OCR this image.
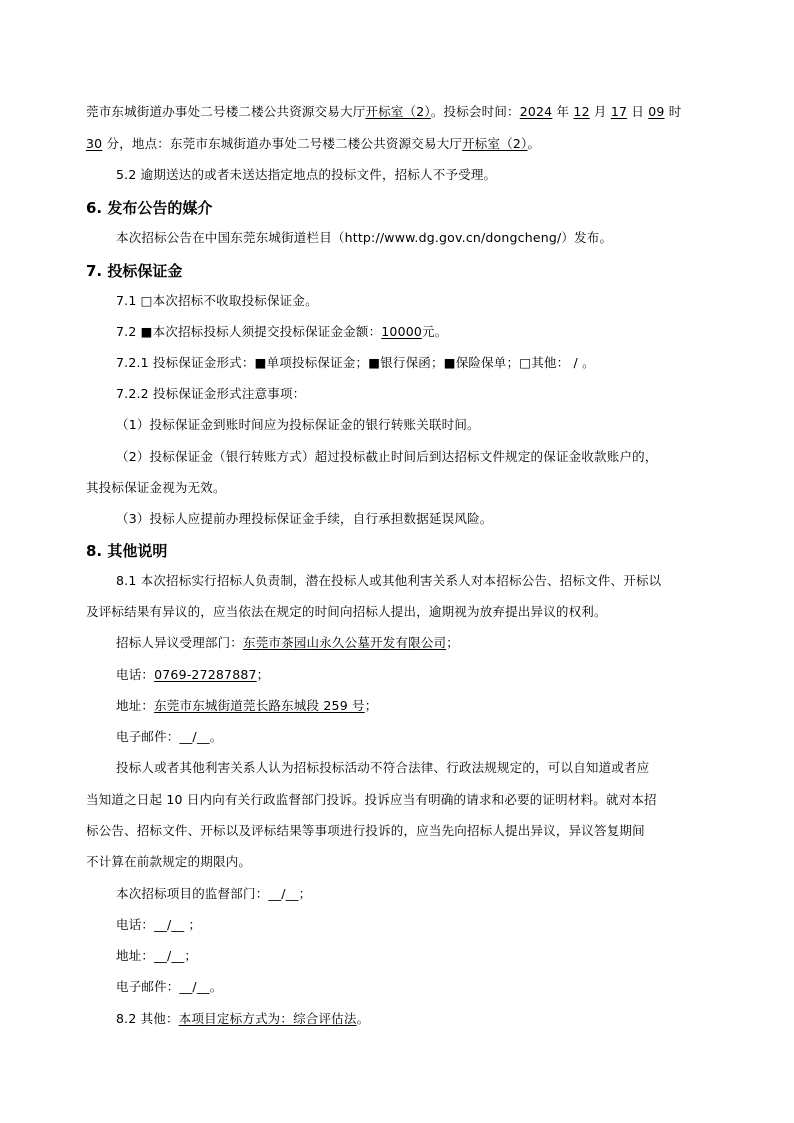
莞市东城街道办事处二号楼二楼公共资源交易大厅开标室（2）。投标会时间：2024 年 12 月 17 日 09 时
30 分，地点：东莞市东城街道办事处二号楼二楼公共资源交易大厅开标室（2）。
5.2 逾期送达的或者未送达指定地点的投标文件，招标人不予受理。
6. 发布公告的媒介
本次招标公告在中国东莞东城街道栏目（http://www.dg.gov.cn/dongcheng/）发布。
7. 投标保证金
7.1 □本次招标不收取投标保证金。
7.2 ■本次招标投标人须提交投标保证金金额：10000元。
7.2.1 投标保证金形式：■单项投标保证金；■银行保函；■保险保单；□其他： / 。
7.2.2 投标保证金形式注意事项：
（1）投标保证金到账时间应为投标保证金的银行转账关联时间。
（2）投标保证金（银行转账方式）超过投标截止时间后到达招标文件规定的保证金收款账户的，
其投标保证金视为无效。
（3）投标人应提前办理投标保证金手续，自行承担数据延误风险。
8. 其他说明
8.1 本次招标实行招标人负责制，潜在投标人或其他利害关系人对本招标公告、招标文件、开标以
及评标结果有异议的，应当依法在规定的时间向招标人提出，逾期视为放弃提出异议的权利。
招标人异议受理部门：东莞市茶园山永久公墓开发有限公司；
电话：0769-27287887；
地址：东莞市东城街道莞长路东城段 259 号；
电子邮件：__/__。
投标人或者其他利害关系人认为招标投标活动不符合法律、行政法规规定的，可以自知道或者应
当知道之日起 10 日内向有关行政监督部门投诉。投诉应当有明确的请求和必要的证明材料。就对本招
标公告、招标文件、开标以及评标结果等事项进行投诉的，应当先向招标人提出异议，异议答复期间
不计算在前款规定的期限内。
本次招标项目的监督部门：__/__；
电话：__/__ ；
地址：__/__；
电子邮件：__/__。
8.2 其他：本项目定标方式为：综合评估法。
